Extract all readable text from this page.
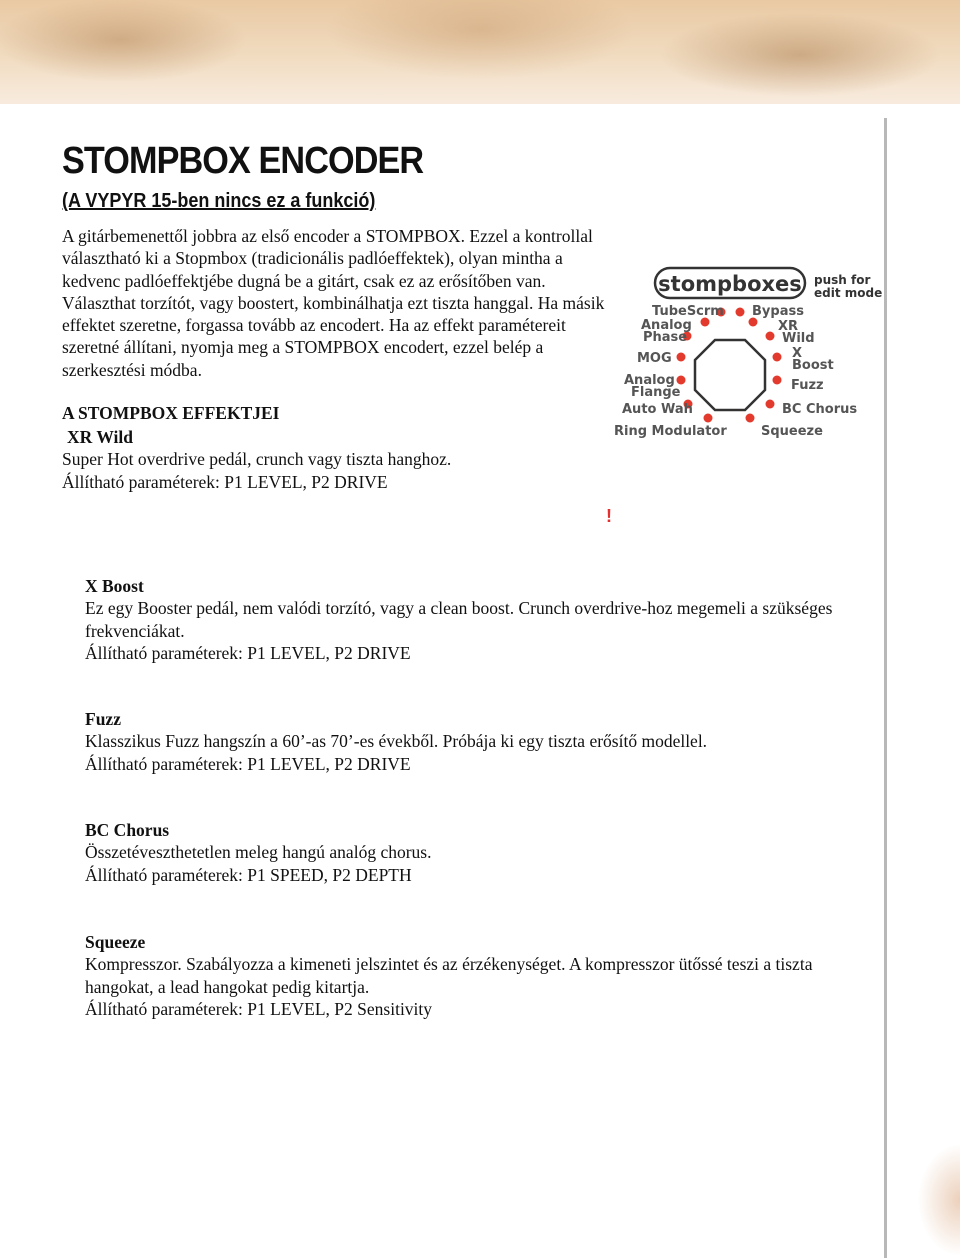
STOMPBOX ENCODER
(A VYPYR 15-ben nincs ez a funkció)

A gitárbemenettől jobbra az első encoder a STOMPBOX. Ezzel a kontrollal választható ki a Stopmbox (tradicionális padlóeffektek), olyan mintha a kedvenc padlóeffektjébe dugná be a gitárt, csak ez az erősítőben van. Választhat torzítót, vagy boostert, kombinálhatja ezt tiszta hanggal. Ha másik effektet szeretne, forgassa tovább az encodert. Ha az effekt paramétereit szeretné állítani, nyomja meg a STOMPBOX encodert, ezzel belép a szerkesztési módba.

A STOMPBOX EFFEKTJEI
XR Wild
Super Hot overdrive pedál, crunch vagy tiszta hanghoz.
Állítható paraméterek: P1 LEVEL, P2 DRIVE
!
X Boost
Ez egy Booster pedál, nem valódi torzító, vagy a clean boost. Crunch overdrive-hoz megemeli a szükséges frekvenciákat.
Állítható paraméterek: P1 LEVEL, P2 DRIVE
Fuzz
Klasszikus Fuzz hangszín a 60’-as 70’-es évekből. Próbája ki egy tiszta erősítő modellel.
Állítható paraméterek: P1 LEVEL, P2 DRIVE
BC Chorus
Összetéveszthetetlen meleg hangú analóg chorus.
Állítható paraméterek: P1 SPEED, P2 DEPTH
Squeeze
Kompresszor. Szabályozza a kimeneti jelszintet és az érzékenységet. A kompresszor ütőssé teszi a tiszta hangokat, a lead hangokat pedig kitartja.
Állítható paraméterek: P1 LEVEL, P2 Sensitivity
stompboxes push for
edit mode
TubeScrm Bypass
Analog
Phase
XR
Wild
MOG	X
Boost
Analog
Flange	Fuzz
Auto Wah	BC Chorus
Ring Modulator	Squeeze
